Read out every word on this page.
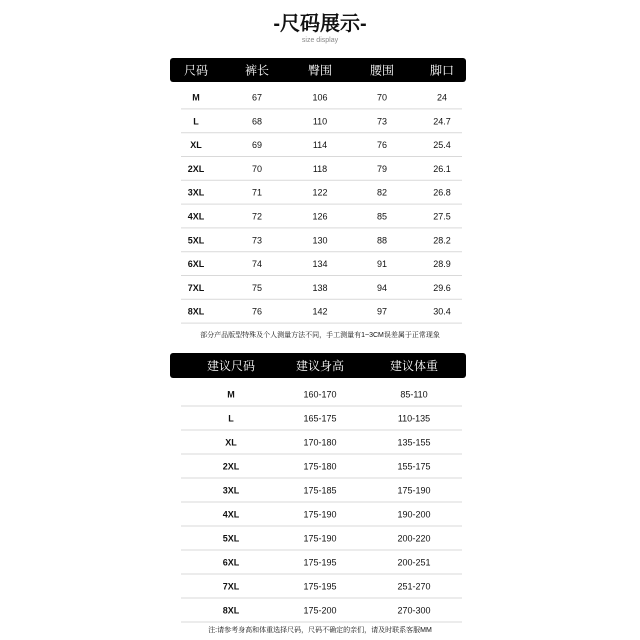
-尺码展示-
size display
尺码	裤长	臀围	腰围	脚口
M	67	106	70	24
L	68	110	73	24.7
XL	69	114	76	25.4
2XL	70	118	79	26.1
3XL	71	122	82	26.8
4XL	72	126	85	27.5
5XL	73	130	88	28.2
6XL	74	134	91	28.9
7XL	75	138	94	29.6
8XL	76	142	97	30.4
部分产品版型特殊及个人测量方法不同，手工测量有1~3CM误差属于正常现象
建议尺码	建议身高	建议体重
M	160-170	85-110
L	165-175	110-135
XL	170-180	135-155
2XL	175-180	155-175
3XL	175-185	175-190
4XL	175-190	190-200
5XL	175-190	200-220
6XL	175-195	200-251
7XL	175-195	251-270
8XL	175-200	270-300
注:请参考身高和体重选择尺码，尺码不确定的亲们，请及时联系客服MM
